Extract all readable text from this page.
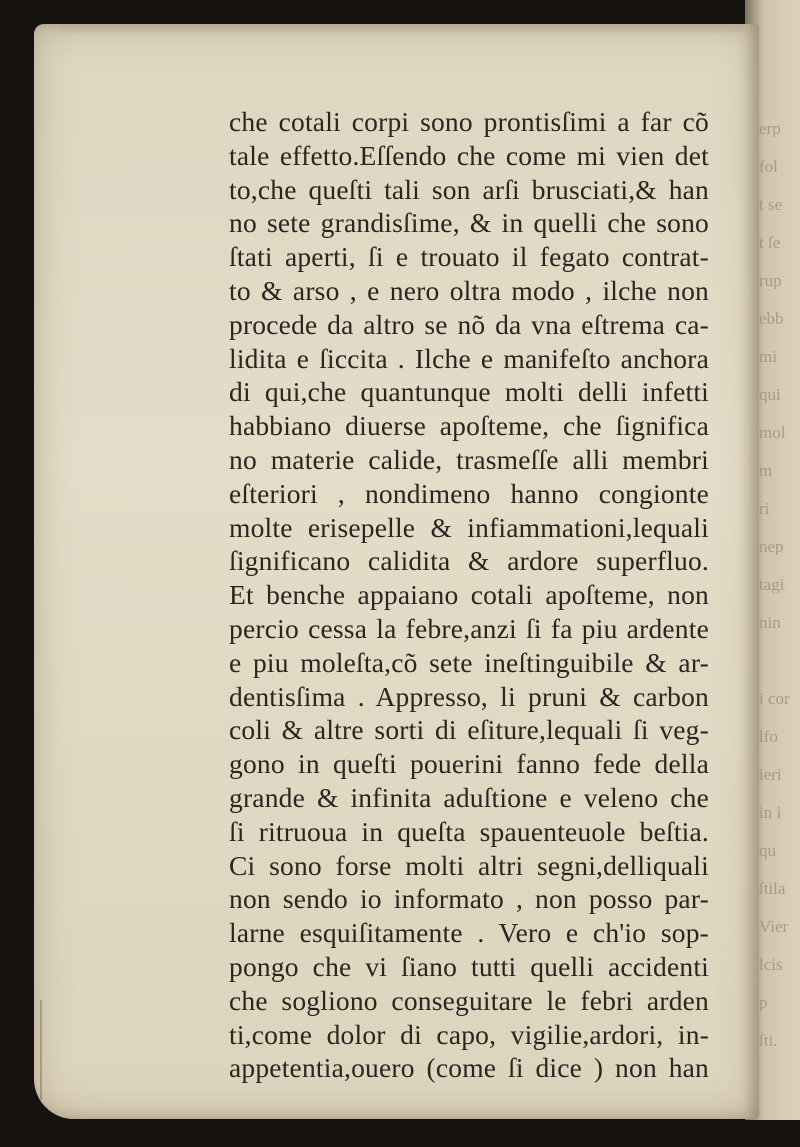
erp
fol
t se
t ſe
rup
ebb
mi
qui
mol
m
ri
nep
tagi
nin
i cor
lfo
ieri
in i
qu
ſtila
Vier
lcis
p
ſti.
che cotali corpi sono prontisſimi a far cõ
tale effetto.Eſſendo che come mi vien det
to,che queſti tali son arſi brusciati,& han
no sete grandisſime, & in quelli che sono
ſtati aperti, ſi e trouato il fegato contrat-
to & arso , e nero oltra modo , ilche non
procede da altro se nõ da vna eſtrema ca-
lidita e ſiccita . Ilche e manifeſto anchora
di qui,che quantunque molti delli infetti
habbiano diuerse apoſteme, che ſignifica
no materie calide, trasmeſſe alli membri
eſteriori , nondimeno hanno congionte
molte erisepelle & infiammationi,lequali
ſignificano calidita & ardore superfluo.
Et benche appaiano cotali apoſteme, non
percio cessa la febre,anzi ſi fa piu ardente
e piu moleſta,cõ sete ineſtinguibile & ar-
dentisſima . Appresso, li pruni & carbon
coli & altre sorti di eſiture,lequali ſi veg-
gono in queſti pouerini fanno fede della
grande & infinita aduſtione e veleno che
ſi ritruoua in queſta spauenteuole beſtia.
Ci sono forse molti altri segni,delliquali
non sendo io informato , non posso par-
larne esquiſitamente . Vero e ch'io sop-
pongo che vi ſiano tutti quelli accidenti
che sogliono conseguitare le febri arden
ti,come dolor di capo, vigilie,ardori, in-
appetentia,ouero (come ſi dice ) non han
